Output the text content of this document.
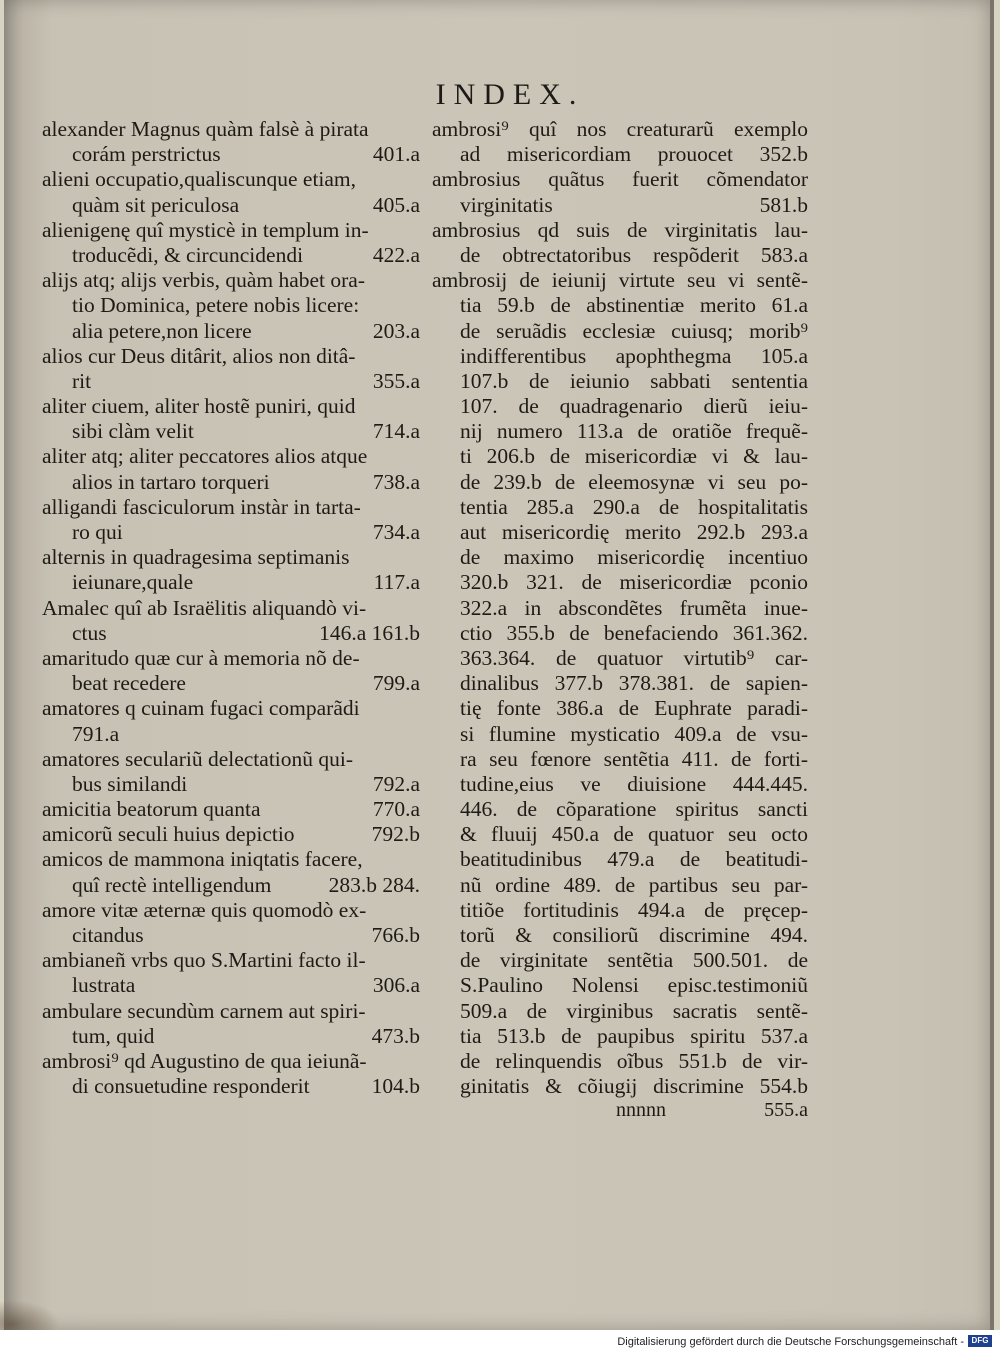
INDEX.
alexander Magnus quàm falsè à pirata
corám perstrictus	401.a
alieni occupatio,qualiscunque etiam,
quàm sit periculosa	405.a
alienigenę quî mysticè in templum in-
troducẽdi, & circuncidendi	422.a
alijs atq; alijs verbis, quàm habet ora-
tio Dominica, petere nobis licere:
alia petere,non licere	203.a
alios cur Deus ditârit, alios non ditâ-
rit	355.a
aliter ciuem, aliter hostẽ puniri, quid
sibi clàm velit	714.a
aliter atq; aliter peccatores alios atque
alios in tartaro torqueri	738.a
alligandi fasciculorum instàr in tarta-
ro qui	734.a
alternis in quadragesima septimanis
ieiunare,quale	117.a
Amalec quî ab Israëlitis aliquandò vi-
ctus	146.a 161.b
amaritudo quæ cur à memoria nõ de-
beat recedere	799.a
amatores q cuinam fugaci comparãdi
791.a
amatores seculariũ delectationũ qui-
bus similandi	792.a
amicitia beatorum quanta	770.a
amicorũ seculi huius depictio	792.b
amicos de mammona iniqtatis facere,
quî rectè intelligendum	283.b 284.
amore vitæ æternæ quis quomodò ex-
citandus	766.b
ambianeñ vrbs quo S.Martini facto il-
lustrata	306.a
ambulare secundùm carnem aut spiri-
tum, quid	473.b
ambrosi⁹ qd Augustino de qua ieiunã-
di consuetudine responderit	104.b
ambrosi⁹ quî nos creaturarũ exemplo
ad misericordiam prouocet 352.b
ambrosius quãtus fuerit cõmendator
virginitatis 581.b
ambrosius qd suis de virginitatis lau-
de obtrectatoribus respõderit 583.a
ambrosij de ieiunij virtute seu vi sentẽ-
tia 59.b de abstinentiæ merito 61.a
de seruãdis ecclesiæ cuiusq; morib⁹
indifferentibus apophthegma 105.a
107.b de ieiunio sabbati sententia
107. de quadragenario dierũ ieiu-
nij numero 113.a de oratiõe frequẽ-
ti 206.b de misericordiæ vi & lau-
de 239.b de eleemosynæ vi seu po-
tentia 285.a 290.a de hospitalitatis
aut misericordię merito 292.b 293.a
de maximo misericordię incentiuo
320.b 321. de misericordiæ pconio
322.a in abscondẽtes frumẽta inue-
ctio 355.b de benefaciendo 361.362.
363.364. de quatuor virtutib⁹ car-
dinalibus 377.b 378.381. de sapien-
tię fonte 386.a de Euphrate paradi-
si flumine mysticatio 409.a de vsu-
ra seu fœnore sentẽtia 411. de forti-
tudine,eius ve diuisione 444.445.
446. de cõparatione spiritus sancti
& fluuij 450.a de quatuor seu octo
beatitudinibus 479.a de beatitudi-
nũ ordine 489. de partibus seu par-
titiõe fortitudinis 494.a de pręcep-
torũ & consiliorũ discrimine 494.
de virginitate sentẽtia 500.501. de
S.Paulino Nolensi episc.testimoniũ
509.a de virginibus sacratis sentẽ-
tia 513.b de paupibus spiritu 537.a
de relinquendis oĩbus 551.b de vir-
ginitatis & cõiugij discrimine 554.b
nnnnn	555.a
Digitalisierung gefördert durch die Deutsche Forschungsgemeinschaft - DFG
